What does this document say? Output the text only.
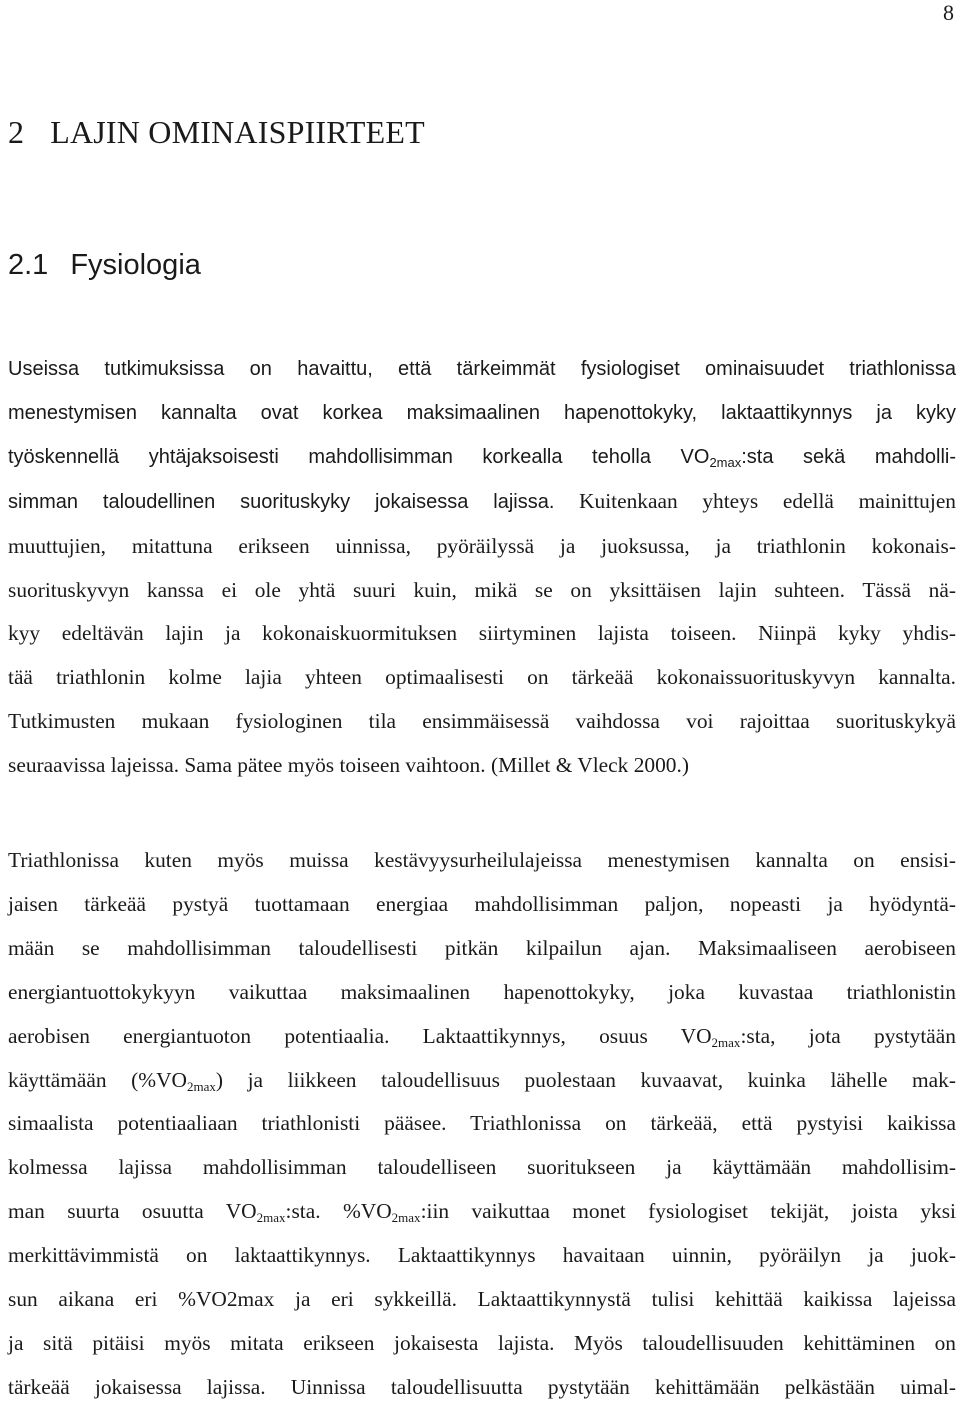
8
2 LAJIN OMINAISPIIRTEET
2.1 Fysiologia
Useissa tutkimuksissa on havaittu, että tärkeimmät fysiologiset ominaisuudet triathlonissa
menestymisen kannalta ovat korkea maksimaalinen hapenottokyky, laktaattikynnys ja kyky
työskennellä yhtäjaksoisesti mahdollisimman korkealla teholla $VO_{2max}:sta$ sekä mahdolli-
simman taloudellinen suorituskyky jokaisessa lajissa. Kuitenkaan yhteys edellä mainittujen
muuttujien, mitattuna erikseen uinnissa, pyöräilyssä ja juoksussa, ja triathlonin kokonais-
suorituskyvyn kanssa ei ole yhtä suuri kuin, mikä se on yksittäisen lajin suhteen. Tässä nä-
kyy edeltävän lajin ja kokonaiskuormituksen siirtyminen lajista toiseen. Niinpä kyky yhdis-
tää triathlonin kolme lajia yhteen optimaalisesti on tärkeää kokonaissuorituskyvyn kannalta.
Tutkimusten mukaan fysiologinen tila ensimmäisessä vaihdossa voi rajoittaa suorituskykyä
seuraavissa lajeissa. Sama pätee myös toiseen vaihtoon. (Millet & Vleck 2000.)
Triathlonissa kuten myös muissa kestävyysurheilulajeissa menestymisen kannalta on ensisi-
jaisen tärkeää pystyä tuottamaan energiaa mahdollisimman paljon, nopeasti ja hyödyntä-
mään se mahdollisimman taloudellisesti pitkän kilpailun ajan. Maksimaaliseen aerobiseen
energiantuottokykyyn vaikuttaa maksimaalinen hapenottokyky, joka kuvastaa triathlonistin
aerobisen energiantuoton potentiaalia. Laktaattikynnys, osuus $VO_{2max}:sta$, jota pystytään
käyttämään $(\%VO_{2max})$ ja liikkeen taloudellisuus puolestaan kuvaavat, kuinka lähelle mak-
simaalista potentiaaliaan triathlonisti pääsee. Triathlonissa on tärkeää, että pystyisi kaikissa
kolmessa lajissa mahdollisimman taloudelliseen suoritukseen ja käyttämään mahdollisim-
man suurta osuutta $VO_{2max}:sta$. $\%VO_{2max}:iin$ vaikuttaa monet fysiologiset tekijät, joista yksi
merkittävimmistä on laktaattikynnys. Laktaattikynnys havaitaan uinnin, pyöräilyn ja juok-
sun aikana eri %VO2max ja eri sykkeillä. Laktaattikynnystä tulisi kehittää kaikissa lajeissa
ja sitä pitäisi myös mitata erikseen jokaisesta lajista. Myös taloudellisuuden kehittäminen on
tärkeää jokaisessa lajissa. Uinnissa taloudellisuutta pystytään kehittämään pelkästään uimal-
